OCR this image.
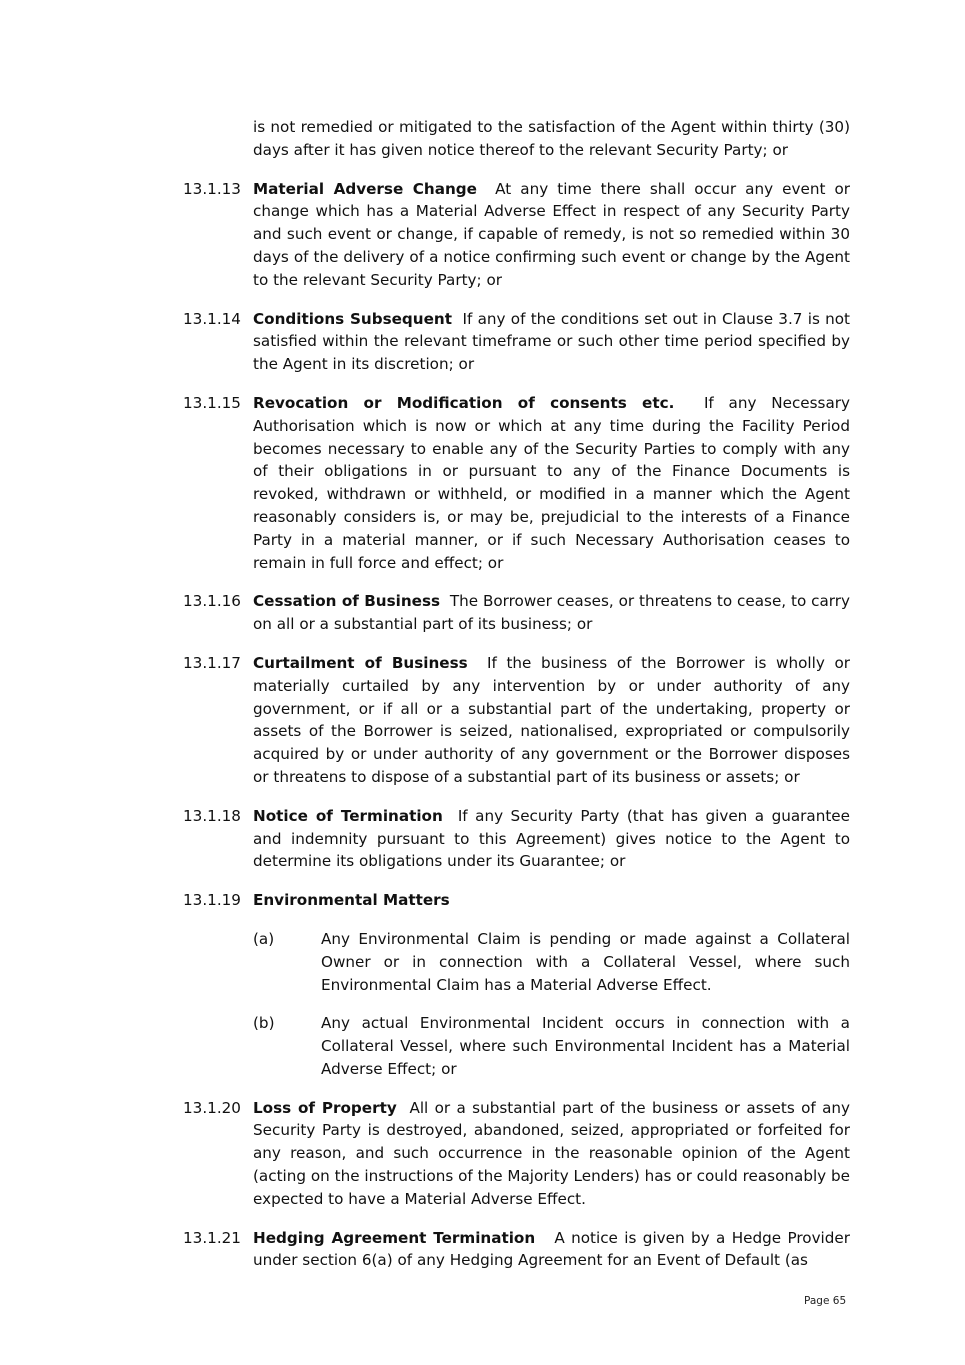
is not remedied or mitigated to the satisfaction of the Agent within thirty (30) days after it has given notice thereof to the relevant Security Party; or
13.1.13 Material Adverse Change At any time there shall occur any event or change which has a Material Adverse Effect in respect of any Security Party and such event or change, if capable of remedy, is not so remedied within 30 days of the delivery of a notice confirming such event or change by the Agent to the relevant Security Party; or
13.1.14 Conditions Subsequent If any of the conditions set out in Clause 3.7 is not satisfied within the relevant timeframe or such other time period specified by the Agent in its discretion; or
13.1.15 Revocation or Modification of consents etc. If any Necessary Authorisation which is now or which at any time during the Facility Period becomes necessary to enable any of the Security Parties to comply with any of their obligations in or pursuant to any of the Finance Documents is revoked, withdrawn or withheld, or modified in a manner which the Agent reasonably considers is, or may be, prejudicial to the interests of a Finance Party in a material manner, or if such Necessary Authorisation ceases to remain in full force and effect; or
13.1.16 Cessation of Business The Borrower ceases, or threatens to cease, to carry on all or a substantial part of its business; or
13.1.17 Curtailment of Business If the business of the Borrower is wholly or materially curtailed by any intervention by or under authority of any government, or if all or a substantial part of the undertaking, property or assets of the Borrower is seized, nationalised, expropriated or compulsorily acquired by or under authority of any government or the Borrower disposes or threatens to dispose of a substantial part of its business or assets; or
13.1.18 Notice of Termination If any Security Party (that has given a guarantee and indemnity pursuant to this Agreement) gives notice to the Agent to determine its obligations under its Guarantee; or
13.1.19 Environmental Matters
(a)	Any Environmental Claim is pending or made against a Collateral Owner or in connection with a Collateral Vessel, where such Environmental Claim has a Material Adverse Effect.
(b)	Any actual Environmental Incident occurs in connection with a Collateral Vessel, where such Environmental Incident has a Material Adverse Effect; or
13.1.20 Loss of Property All or a substantial part of the business or assets of any Security Party is destroyed, abandoned, seized, appropriated or forfeited for any reason, and such occurrence in the reasonable opinion of the Agent (acting on the instructions of the Majority Lenders) has or could reasonably be expected to have a Material Adverse Effect.
13.1.21 Hedging Agreement Termination A notice is given by a Hedge Provider under section 6(a) of any Hedging Agreement for an Event of Default (as
Page 65
